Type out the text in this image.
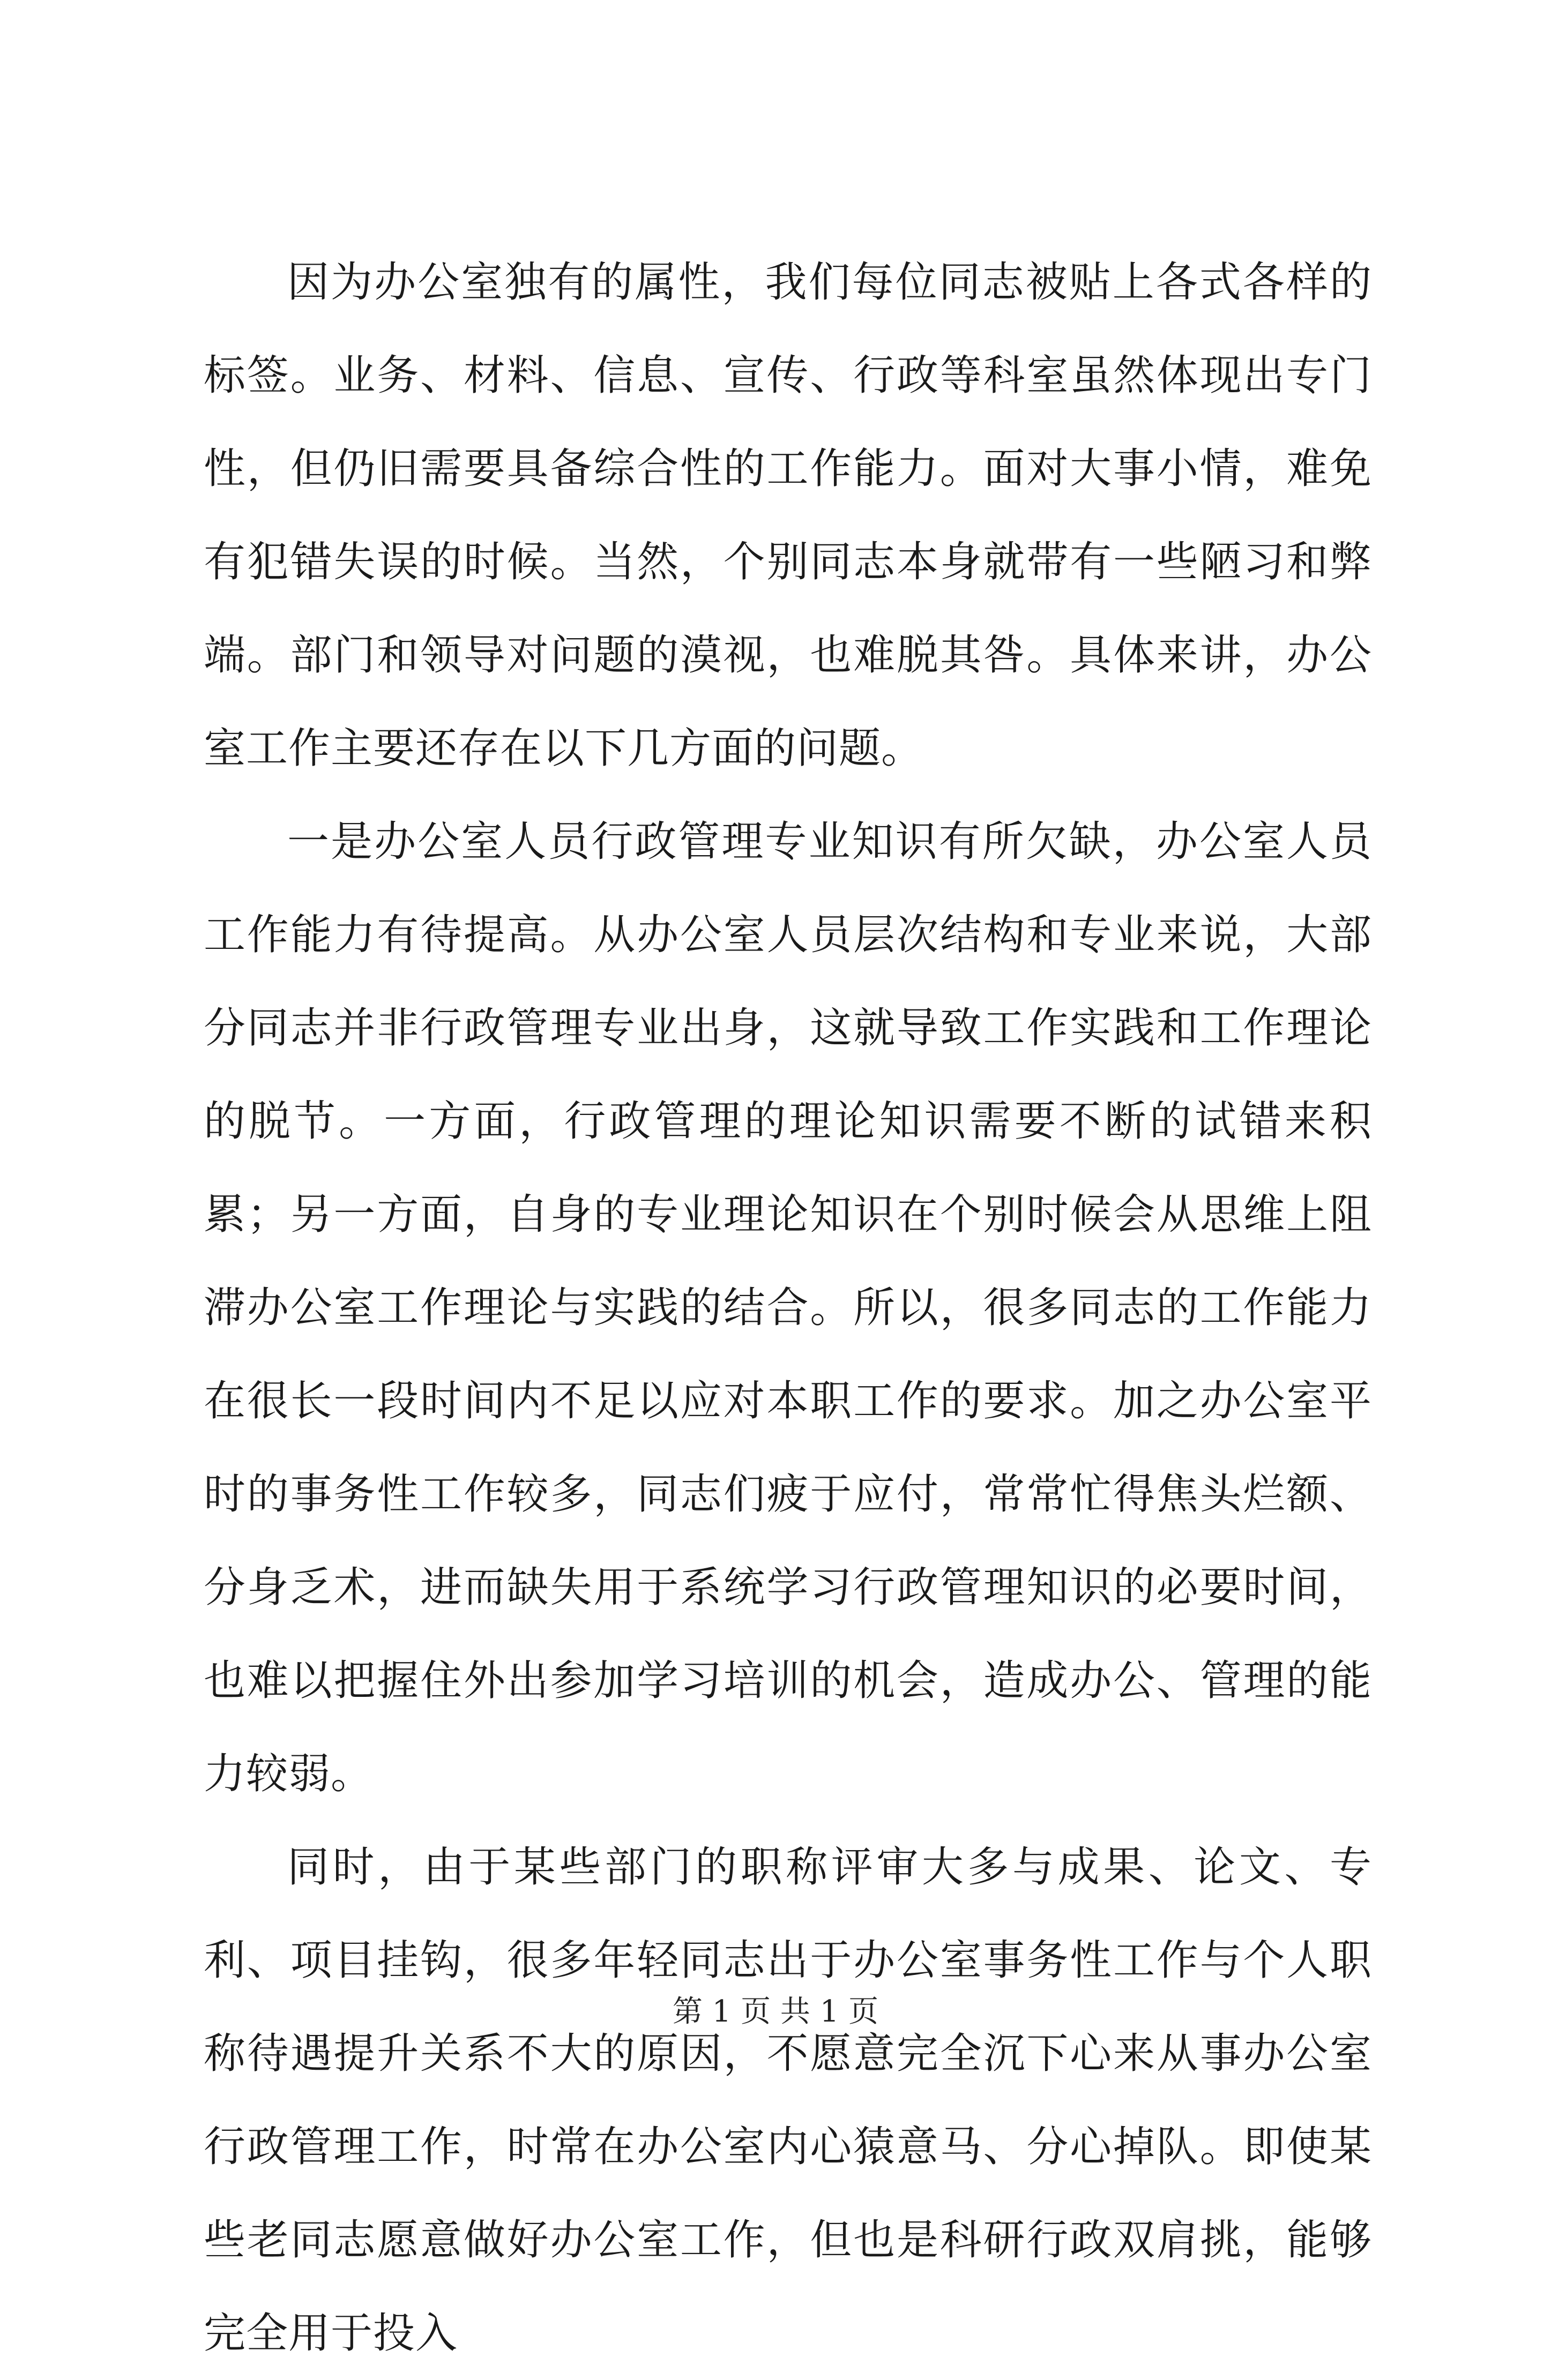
因为办公室独有的属性，我们每位同志被贴上各式各样的标签。业务、材料、信息、宣传、行政等科室虽然体现出专门性，但仍旧需要具备综合性的工作能力。面对大事小情，难免有犯错失误的时候。当然，个别同志本身就带有一些陋习和弊端。部门和领导对问题的漠视，也难脱其咎。具体来讲，办公室工作主要还存在以下几方面的问题。

一是办公室人员行政管理专业知识有所欠缺，办公室人员工作能力有待提高。从办公室人员层次结构和专业来说，大部分同志并非行政管理专业出身，这就导致工作实践和工作理论的脱节。一方面，行政管理的理论知识需要不断的试错来积累；另一方面，自身的专业理论知识在个别时候会从思维上阻滞办公室工作理论与实践的结合。所以，很多同志的工作能力在很长一段时间内不足以应对本职工作的要求。加之办公室平时的事务性工作较多，同志们疲于应付，常常忙得焦头烂额、分身乏术，进而缺失用于系统学习行政管理知识的必要时间，也难以把握住外出参加学习培训的机会，造成办公、管理的能力较弱。

同时，由于某些部门的职称评审大多与成果、论文、专利、项目挂钩，很多年轻同志出于办公室事务性工作与个人职称待遇提升关系不大的原因，不愿意完全沉下心来从事办公室行政管理工作，时常在办公室内心猿意马、分心掉队。即使某些老同志愿意做好办公室工作，但也是科研行政双肩挑，能够完全用于投入

第 1 页 共 1 页
